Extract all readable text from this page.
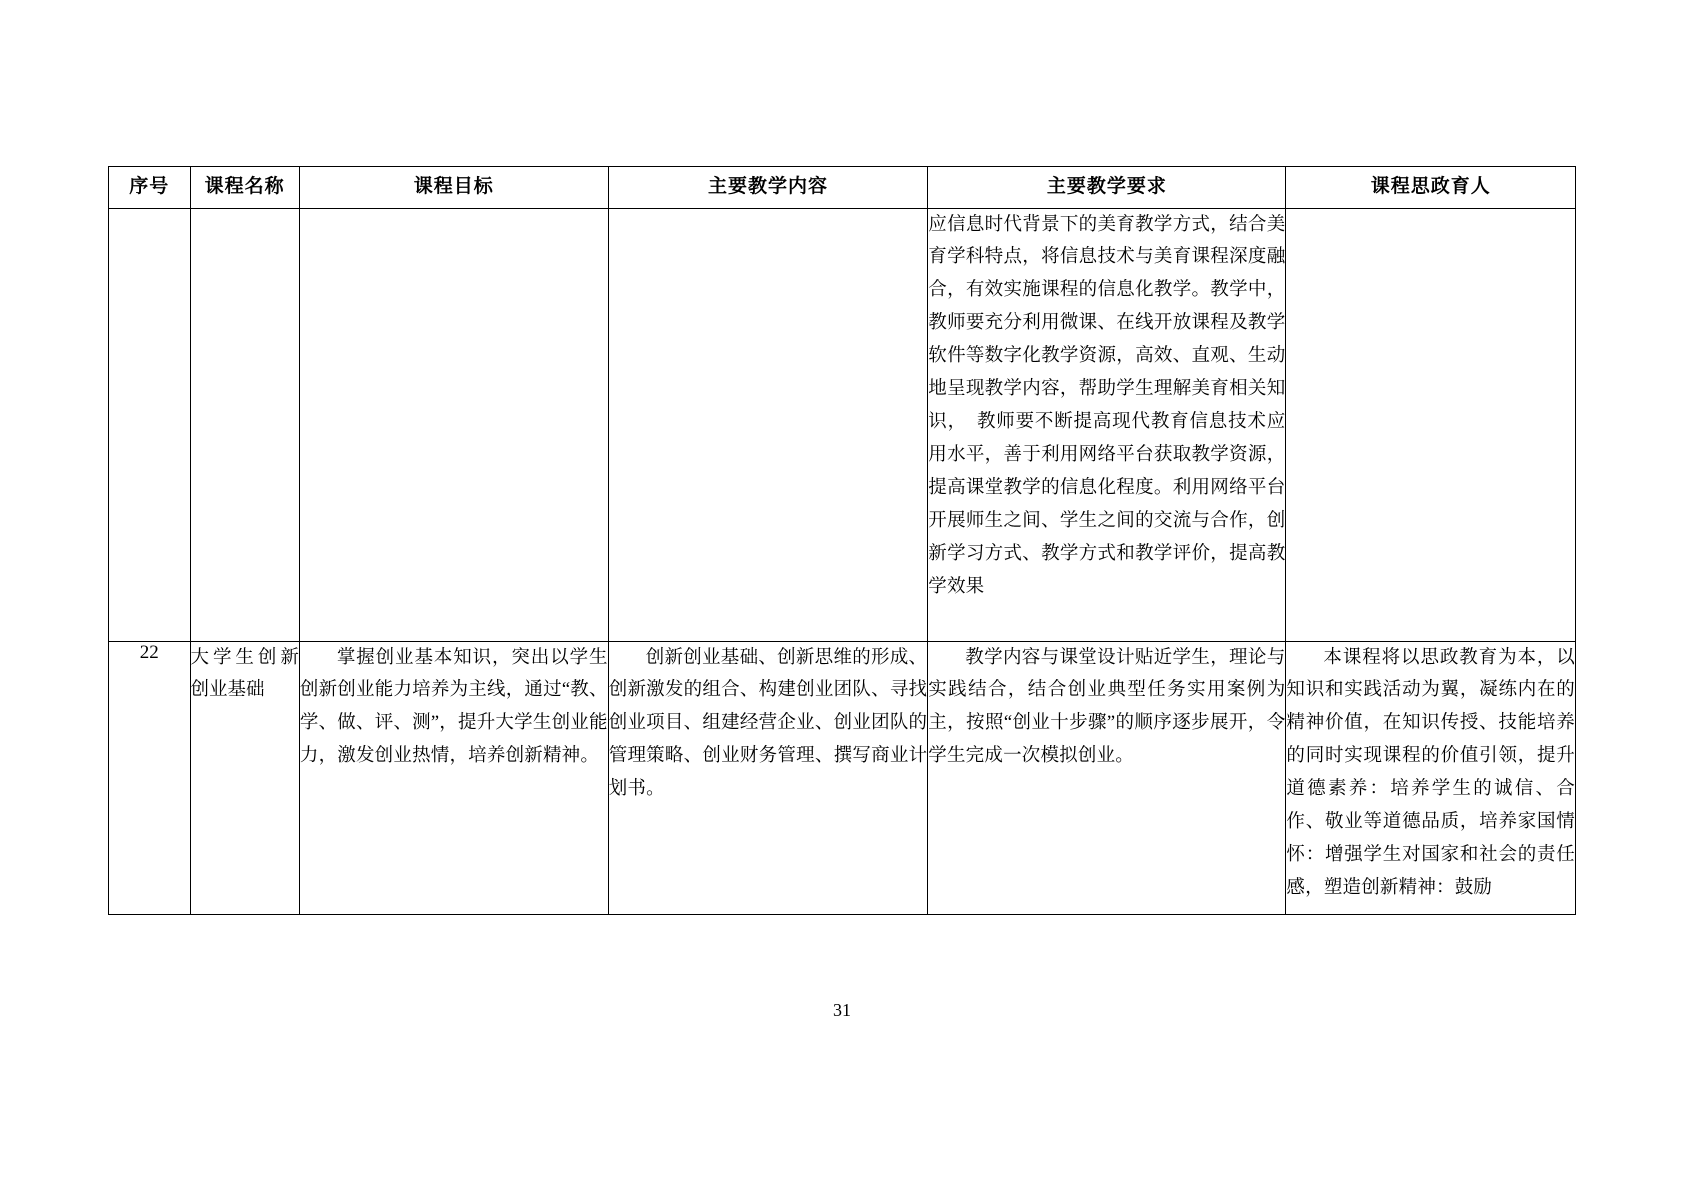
序号	课程名称	课程目标	主要教学内容	主要教学要求	课程思政育人
				应信息时代背景下的美育教学方式，结合美育学科特点，将信息技术与美育课程深度融合，有效实施课程的信息化教学。教学中，教师要充分利用微课、在线开放课程及教学软件等数字化教学资源，高效、直观、生动地呈现教学内容，帮助学生理解美育相关知识，　教师要不断提高现代教育信息技术应用水平，善于利用网络平台获取教学资源，提高课堂教学的信息化程度。利用网络平台开展师生之间、学生之间的交流与合作，创新学习方式、教学方式和教学评价，提高教学效果	
22	大学生创新创业基础	掌握创业基本知识，突出以学生创新创业能力培养为主线，通过“教、学、做、评、测”，提升大学生创业能力，激发创业热情，培养创新精神。	创新创业基础、创新思维的形成、创新激发的组合、构建创业团队、寻找创业项目、组建经营企业、创业团队的管理策略、创业财务管理、撰写商业计划书。	教学内容与课堂设计贴近学生，理论与实践结合，结合创业典型任务实用案例为主，按照“创业十步骤”的顺序逐步展开，令学生完成一次模拟创业。	本课程将以思政教育为本，以知识和实践活动为翼，凝练内在的精神价值，在知识传授、技能培养的同时实现课程的价值引领，提升道德素养：培养学生的诚信、合作、敬业等道德品质，培养家国情怀：增强学生对国家和社会的责任感，塑造创新精神：鼓励
31
